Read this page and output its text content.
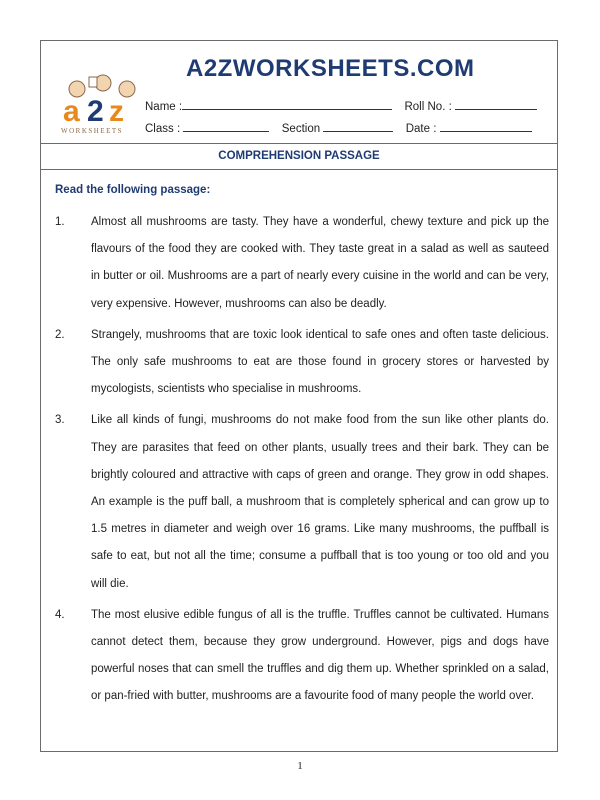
a 2 z
WORKSHEETS
A2ZWORKSHEETS.COM
Name :	Roll No. :
Class :	Section	Date :
COMPREHENSION PASSAGE
Read the following passage:
1.	Almost all mushrooms are tasty. They have a wonderful, chewy texture and pick up the flavours of the food they are cooked with. They taste great in a salad as well as sauteed in butter or oil. Mushrooms are a part of nearly every cuisine in the world and can be very, very expensive. However, mushrooms can also be deadly.
2.	Strangely, mushrooms that are toxic look identical to safe ones and often taste delicious. The only safe mushrooms to eat are those found in grocery stores or harvested by mycologists, scientists who specialise in mushrooms.
3.	Like all kinds of fungi, mushrooms do not make food from the sun like other plants do. They are parasites that feed on other plants, usually trees and their bark. They can be brightly coloured and attractive with caps of green and orange. They grow in odd shapes. An example is the puff ball, a mushroom that is completely spherical and can grow up to 1.5 metres in diameter and weigh over 16 grams. Like many mushrooms, the puffball is safe to eat, but not all the time; consume a puffball that is too young or too old and you will die.
4.	The most elusive edible fungus of all is the truffle. Truffles cannot be cultivated. Humans cannot detect them, because they grow underground. However, pigs and dogs have powerful noses that can smell the truffles and dig them up. Whether sprinkled on a salad, or pan-fried with butter, mushrooms are a favourite food of many people the world over.
1
